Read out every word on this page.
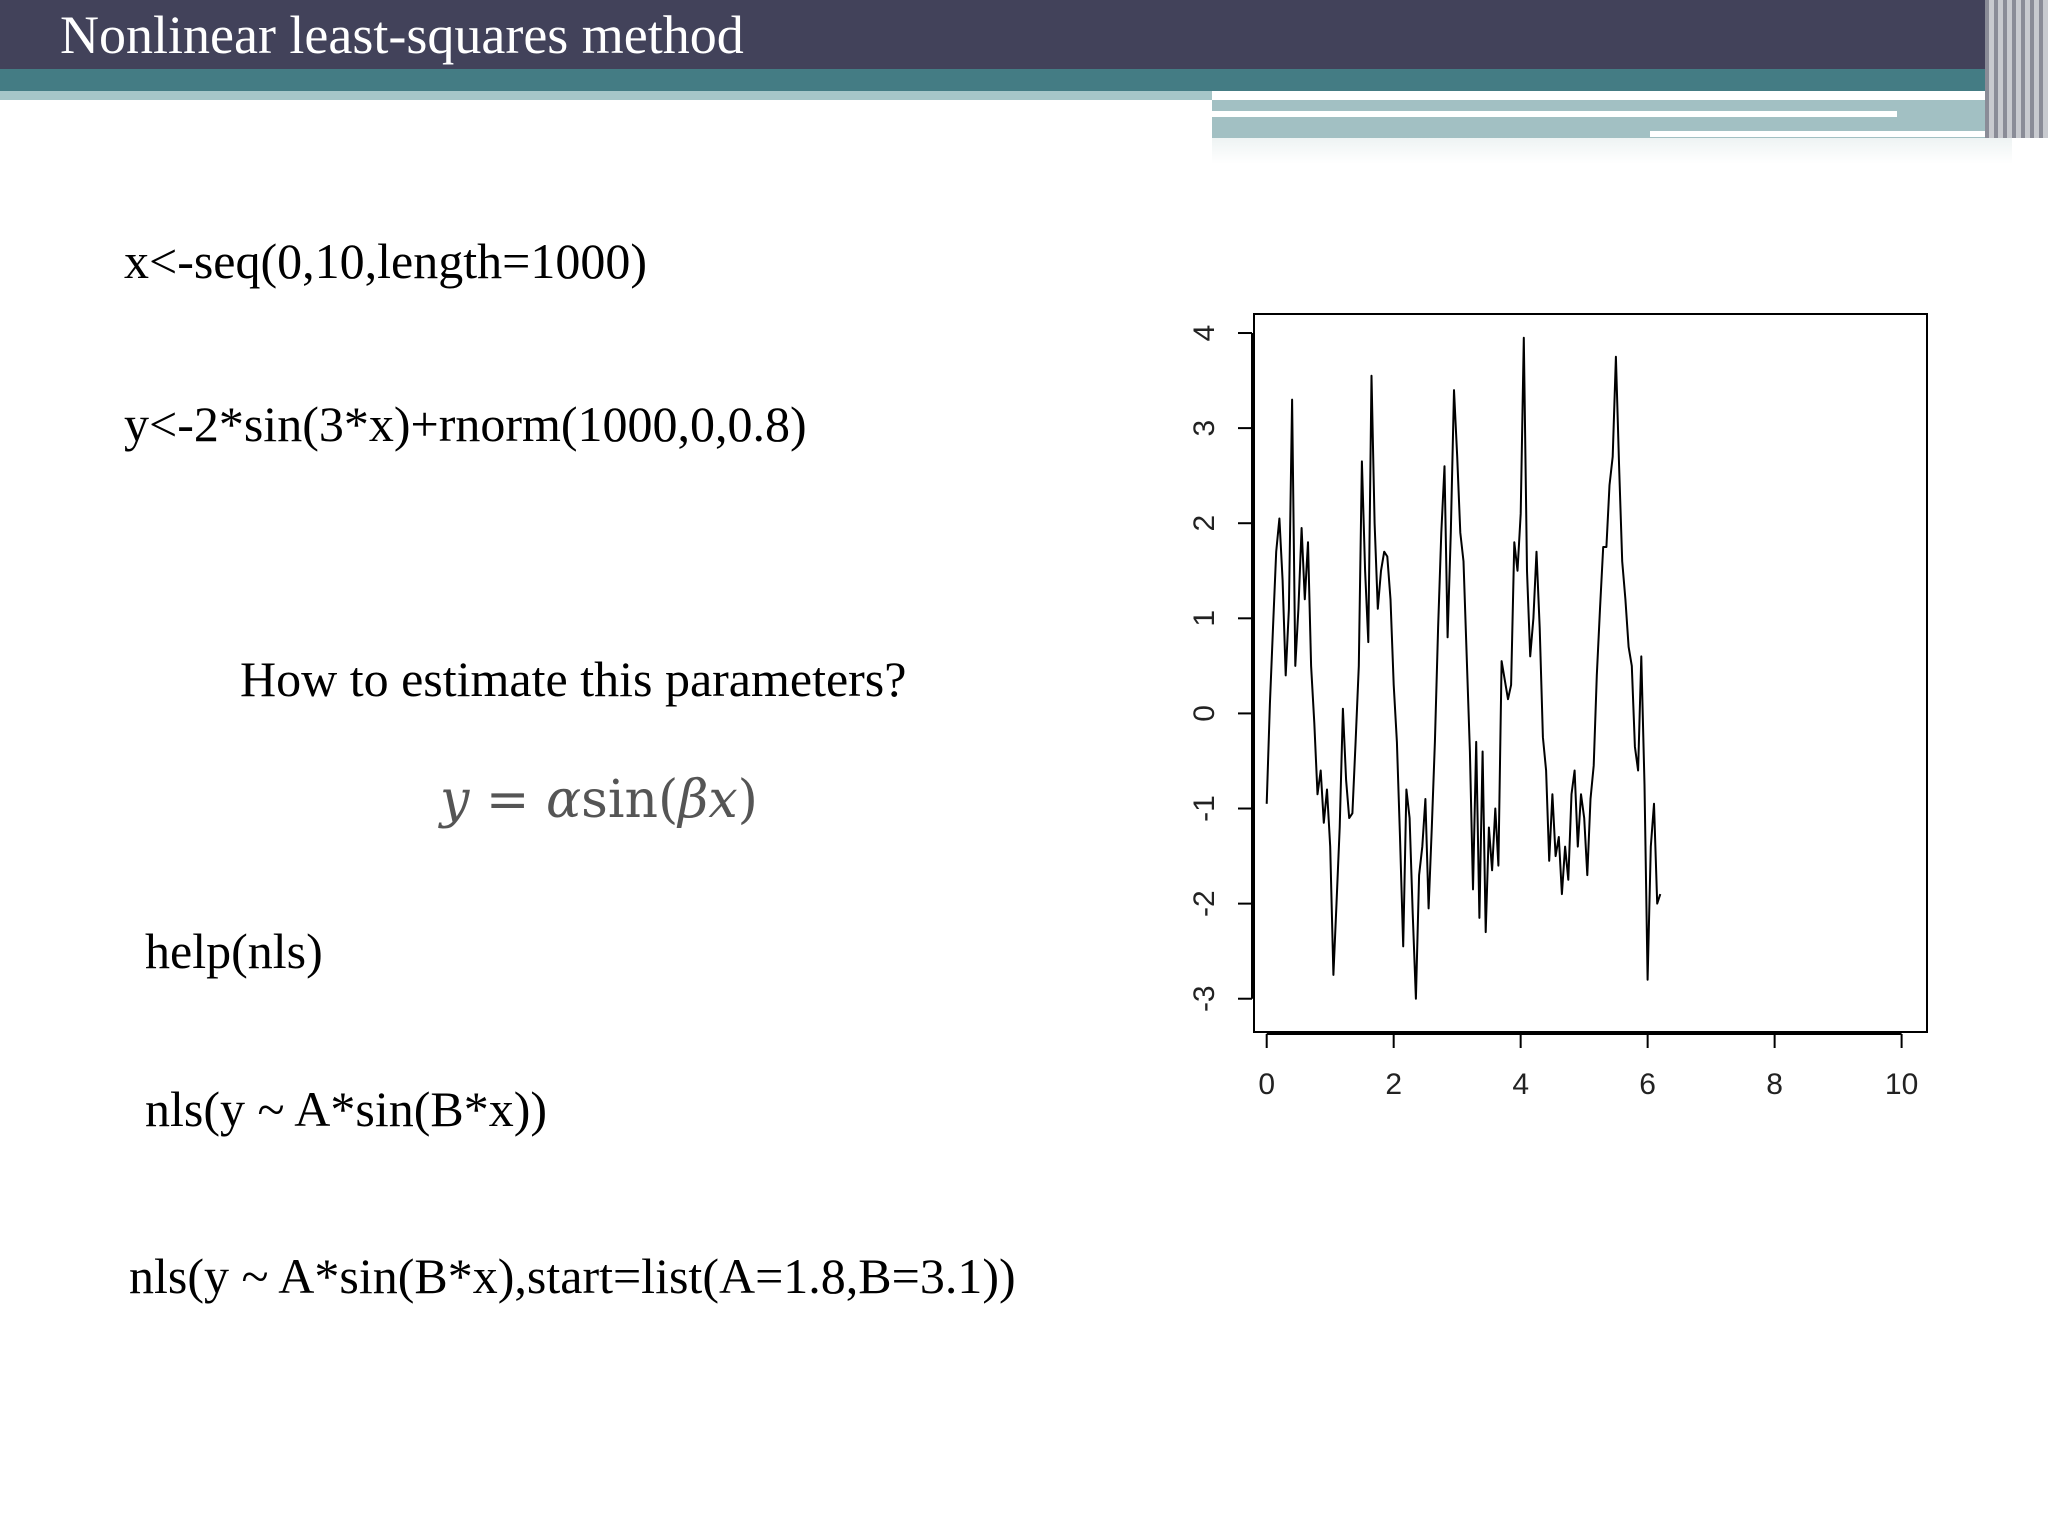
Nonlinear least-squares method
x<-seq(0,10,length=1000)
y<-2*sin(3*x)+rnorm(1000,0,0.8)
How to estimate this parameters?
y = αsin(βx)
help(nls)
nls(y ~ A*sin(B*x))
nls(y ~ A*sin(B*x),start=list(A=1.8,B=3.1))
0	2	4	6	8	10
-3
-2
-1
0
1
2
3
4
